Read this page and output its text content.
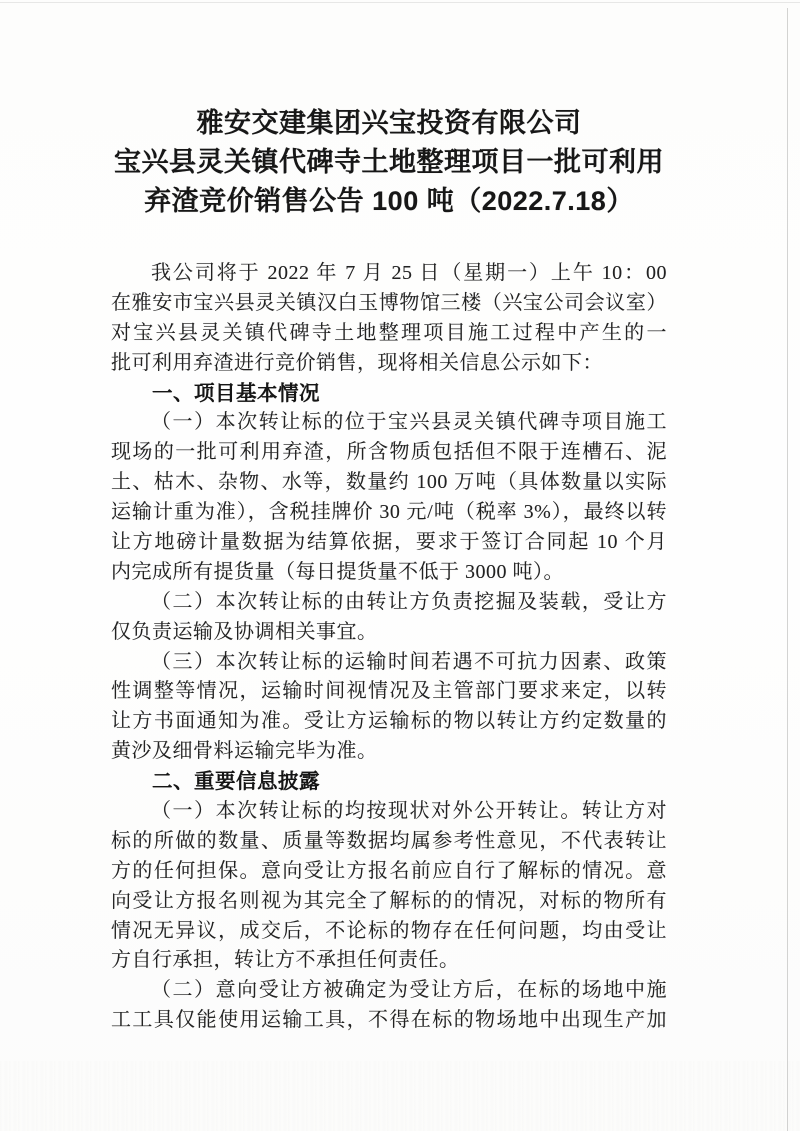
雅安交建集团兴宝投资有限公司
宝兴县灵关镇代碑寺土地整理项目一批可利用
弃渣竞价销售公告 100 吨（2022.7.18）
我公司将于 2022 年 7 月 25 日（星期一）上午 10：00
在雅安市宝兴县灵关镇汉白玉博物馆三楼（兴宝公司会议室）
对宝兴县灵关镇代碑寺土地整理项目施工过程中产生的一
批可利用弃渣进行竞价销售，现将相关信息公示如下：
一、项目基本情况
（一）本次转让标的位于宝兴县灵关镇代碑寺项目施工
现场的一批可利用弃渣，所含物质包括但不限于连槽石、泥
土、枯木、杂物、水等，数量约 100 万吨（具体数量以实际
运输计重为准），含税挂牌价 30 元/吨（税率 3%），最终以转
让方地磅计量数据为结算依据，要求于签订合同起 10 个月
内完成所有提货量（每日提货量不低于 3000 吨）。
（二）本次转让标的由转让方负责挖掘及装载，受让方
仅负责运输及协调相关事宜。
（三）本次转让标的运输时间若遇不可抗力因素、政策
性调整等情况，运输时间视情况及主管部门要求来定，以转
让方书面通知为准。受让方运输标的物以转让方约定数量的
黄沙及细骨料运输完毕为准。
二、重要信息披露
（一）本次转让标的均按现状对外公开转让。转让方对
标的所做的数量、质量等数据均属参考性意见，不代表转让
方的任何担保。意向受让方报名前应自行了解标的情况。意
向受让方报名则视为其完全了解标的的情况，对标的物所有
情况无异议，成交后，不论标的物存在任何问题，均由受让
方自行承担，转让方不承担任何责任。
（二）意向受让方被确定为受让方后，在标的场地中施
工工具仅能使用运输工具，不得在标的物场地中出现生产加
